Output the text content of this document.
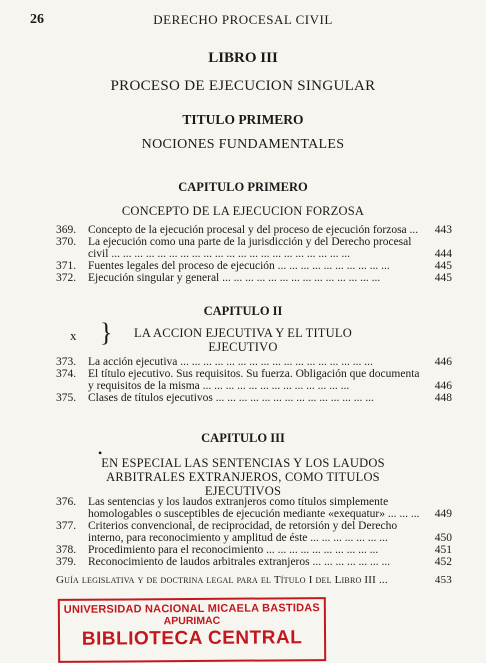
26	DERECHO PROCESAL CIVIL
LIBRO III
PROCESO DE EJECUCION SINGULAR
TITULO PRIMERO
NOCIONES FUNDAMENTALES
CAPITULO PRIMERO
CONCEPTO DE LA EJECUCION FORZOSA
369.	Concepto de la ejecución procesal y del proceso de ejecución forzosa ...	443
370.	La ejecución como una parte de la jurisdicción y del Derecho procesal civil ... ... ... ... ... ... ... ... ... ... ... ... ... ... ... ... ... ... ... ... ...	444
371.	Fuentes legales del proceso de ejecución ... ... ... ... ... ... ... ... ... ...	445
372.	Ejecución singular y general ... ... ... ... ... ... ... ... ... ... ... ... ... ...	445
CAPITULO II
x }	LA ACCION EJECUTIVA Y EL TITULO EJECUTIVO
373.	La acción ejecutiva ... ... ... ... ... ... ... ... ... ... ... ... ... ... ... ... ...	446
374.	El título ejecutivo. Sus requisitos. Su fuerza. Obligación que documenta y requisitos de la misma ... ... ... ... ... ... ... ... ... ... ... ... ...	446
375.	Clases de títulos ejecutivos ... ... ... ... ... ... ... ... ... ... ... ... ... ...	448
CAPITULO III
•
EN ESPECIAL LAS SENTENCIAS Y LOS LAUDOS ARBITRALES EXTRANJEROS, COMO TITULOS EJECUTIVOS
376.	Las sentencias y los laudos extranjeros como títulos simplemente homologables o susceptibles de ejecución mediante «exequatur» ... ... ...	449
377.	Criterios convencional, de reciprocidad, de retorsión y del Derecho interno, para reconocimiento y amplitud de éste ... ... ... ... ... ... ...	450
378.	Procedimiento para el reconocimiento ... ... ... ... ... ... ... ... ... ...	451
379.	Reconocimiento de laudos arbitrales extranjeros ... ... ... ... ... ... ...	452
Guía legislativa y de doctrina legal para el Título I del Libro III ...	453
UNIVERSIDAD NACIONAL MICAELA BASTIDAS
APURIMAC
BIBLIOTECA CENTRAL
